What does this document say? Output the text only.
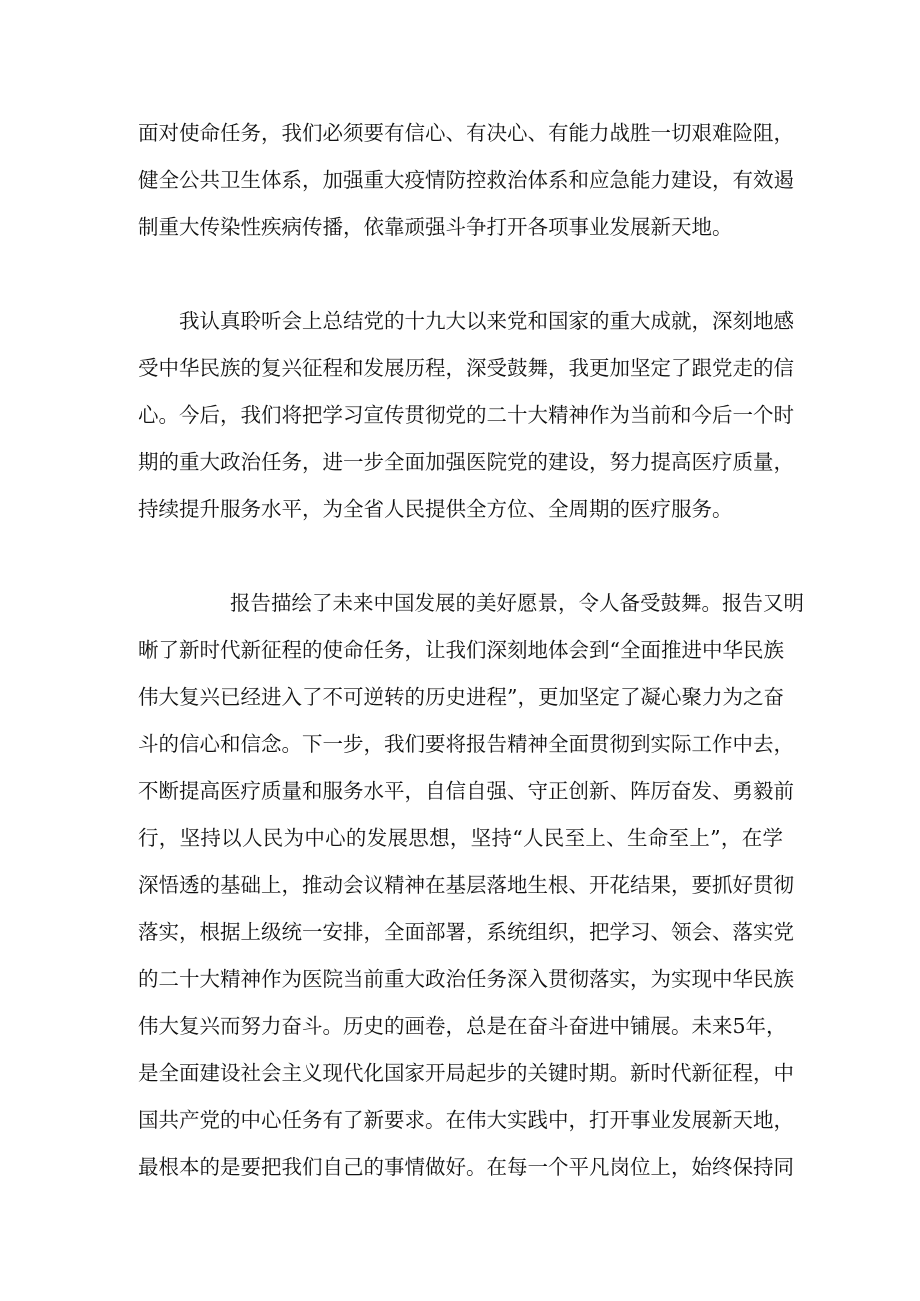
面对使命任务，我们必须要有信心、有决心、有能力战胜一切艰难险阻，
健全公共卫生体系，加强重大疫情防控救治体系和应急能力建设，有效遏
制重大传染性疾病传播，依靠顽强斗争打开各项事业发展新天地。
我认真聆听会上总结党的十九大以来党和国家的重大成就，深刻地感
受中华民族的复兴征程和发展历程，深受鼓舞，我更加坚定了跟党走的信
心。今后，我们将把学习宣传贯彻党的二十大精神作为当前和今后一个时
期的重大政治任务，进一步全面加强医院党的建设，努力提高医疗质量，
持续提升服务水平，为全省人民提供全方位、全周期的医疗服务。
报告描绘了未来中国发展的美好愿景，令人备受鼓舞。报告又明
晰了新时代新征程的使命任务，让我们深刻地体会到“全面推进中华民族
伟大复兴已经进入了不可逆转的历史进程”，更加坚定了凝心聚力为之奋
斗的信心和信念。下一步，我们要将报告精神全面贯彻到实际工作中去，
不断提高医疗质量和服务水平，自信自强、守正创新、阵厉奋发、勇毅前
行，坚持以人民为中心的发展思想，坚持“人民至上、生命至上”，在学
深悟透的基础上，推动会议精神在基层落地生根、开花结果，要抓好贯彻
落实，根据上级统一安排，全面部署，系统组织，把学习、领会、落实党
的二十大精神作为医院当前重大政治任务深入贯彻落实，为实现中华民族
伟大复兴而努力奋斗。历史的画卷，总是在奋斗奋进中铺展。未来5年，
是全面建设社会主义现代化国家开局起步的关键时期。新时代新征程，中
国共产党的中心任务有了新要求。在伟大实践中，打开事业发展新天地，
最根本的是要把我们自己的事情做好。在每一个平凡岗位上，始终保持同
